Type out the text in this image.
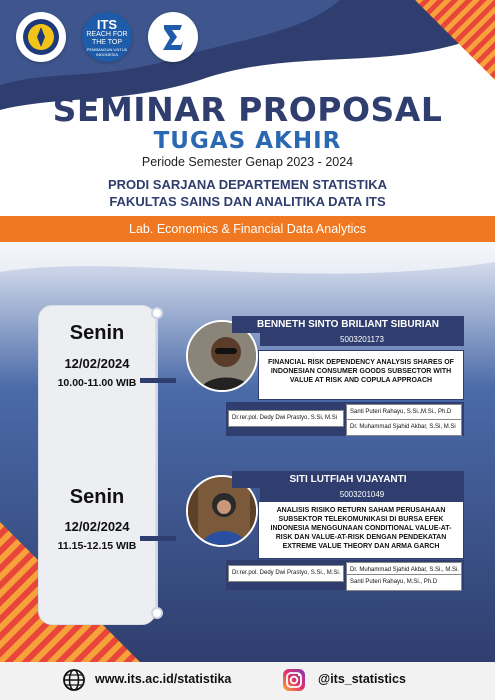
ITS
REACH FOR THE TOP
PEMBANGUN UNTUK INDONESIA
SEMINAR PROPOSAL
TUGAS AKHIR
Periode Semester Genap 2023 - 2024
PRODI SARJANA DEPARTEMEN STATISTIKA
FAKULTAS SAINS DAN ANALITIKA DATA ITS
Lab. Economics & Financial Data Analytics
Senin
12/02/2024
10.00-11.00 WIB
BENNETH SINTO BRILIANT SIBURIAN
5003201173
FINANCIAL RISK DEPENDENCY ANALYSIS SHARES OF INDONESIAN CONSUMER GOODS SUBSECTOR WITH VALUE AT RISK AND COPULA APPROACH
Dr.rer.pol. Dedy Dwi Prastyo, S.Si, M.Si
Santi Puteri Rahayu, S.Si.,M.Si., Ph.D
Dr. Muhammad Sjahid Akbar, S.Si, M.Si
Senin
12/02/2024
11.15-12.15 WIB
SITI LUTFIAH VIJAYANTI
5003201049
ANALISIS RISIKO RETURN SAHAM PERUSAHAAN SUBSEKTOR TELEKOMUNIKASI DI BURSA EFEK INDONESIA MENGGUNAAN CONDITIONAL VALUE-AT-RISK DAN VALUE-AT-RISK DENGAN PENDEKATAN EXTREME VALUE THEORY DAN ARMA GARCH
Dr.rer.pol. Dedy Dwi Prastyo, S.Si., M.Si.	Dr. Muhammad Sjahid Akbar, S.Si., M.Si.
Santi Puteri Rahayu, M.Si., Ph.D
www.its.ac.id/statistika	@its_statistics
